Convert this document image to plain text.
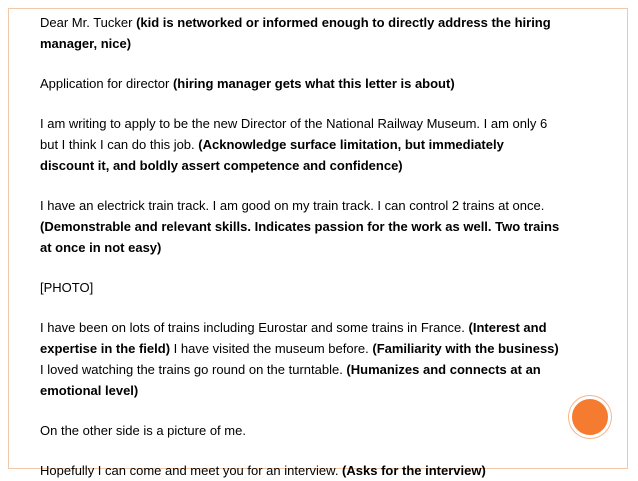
Dear Mr. Tucker (kid is networked or informed enough to directly address the hiring manager, nice)

Application for director (hiring manager gets what this letter is about)

I am writing to apply to be the new Director of the National Railway Museum. I am only 6 but I think I can do this job. (Acknowledge surface limitation, but immediately discount it, and boldly assert competence and confidence)

I have an electrick train track. I am good on my train track. I can control 2 trains at once. (Demonstrable and relevant skills. Indicates passion for the work as well. Two trains at once in not easy)

[PHOTO]

I have been on lots of trains including Eurostar and some trains in France. (Interest and expertise in the field) I have visited the museum before. (Familiarity with the business) I loved watching the trains go round on the turntable. (Humanizes and connects at an emotional level)

On the other side is a picture of me.

Hopefully I can come and meet you for an interview. (Asks for the interview)
